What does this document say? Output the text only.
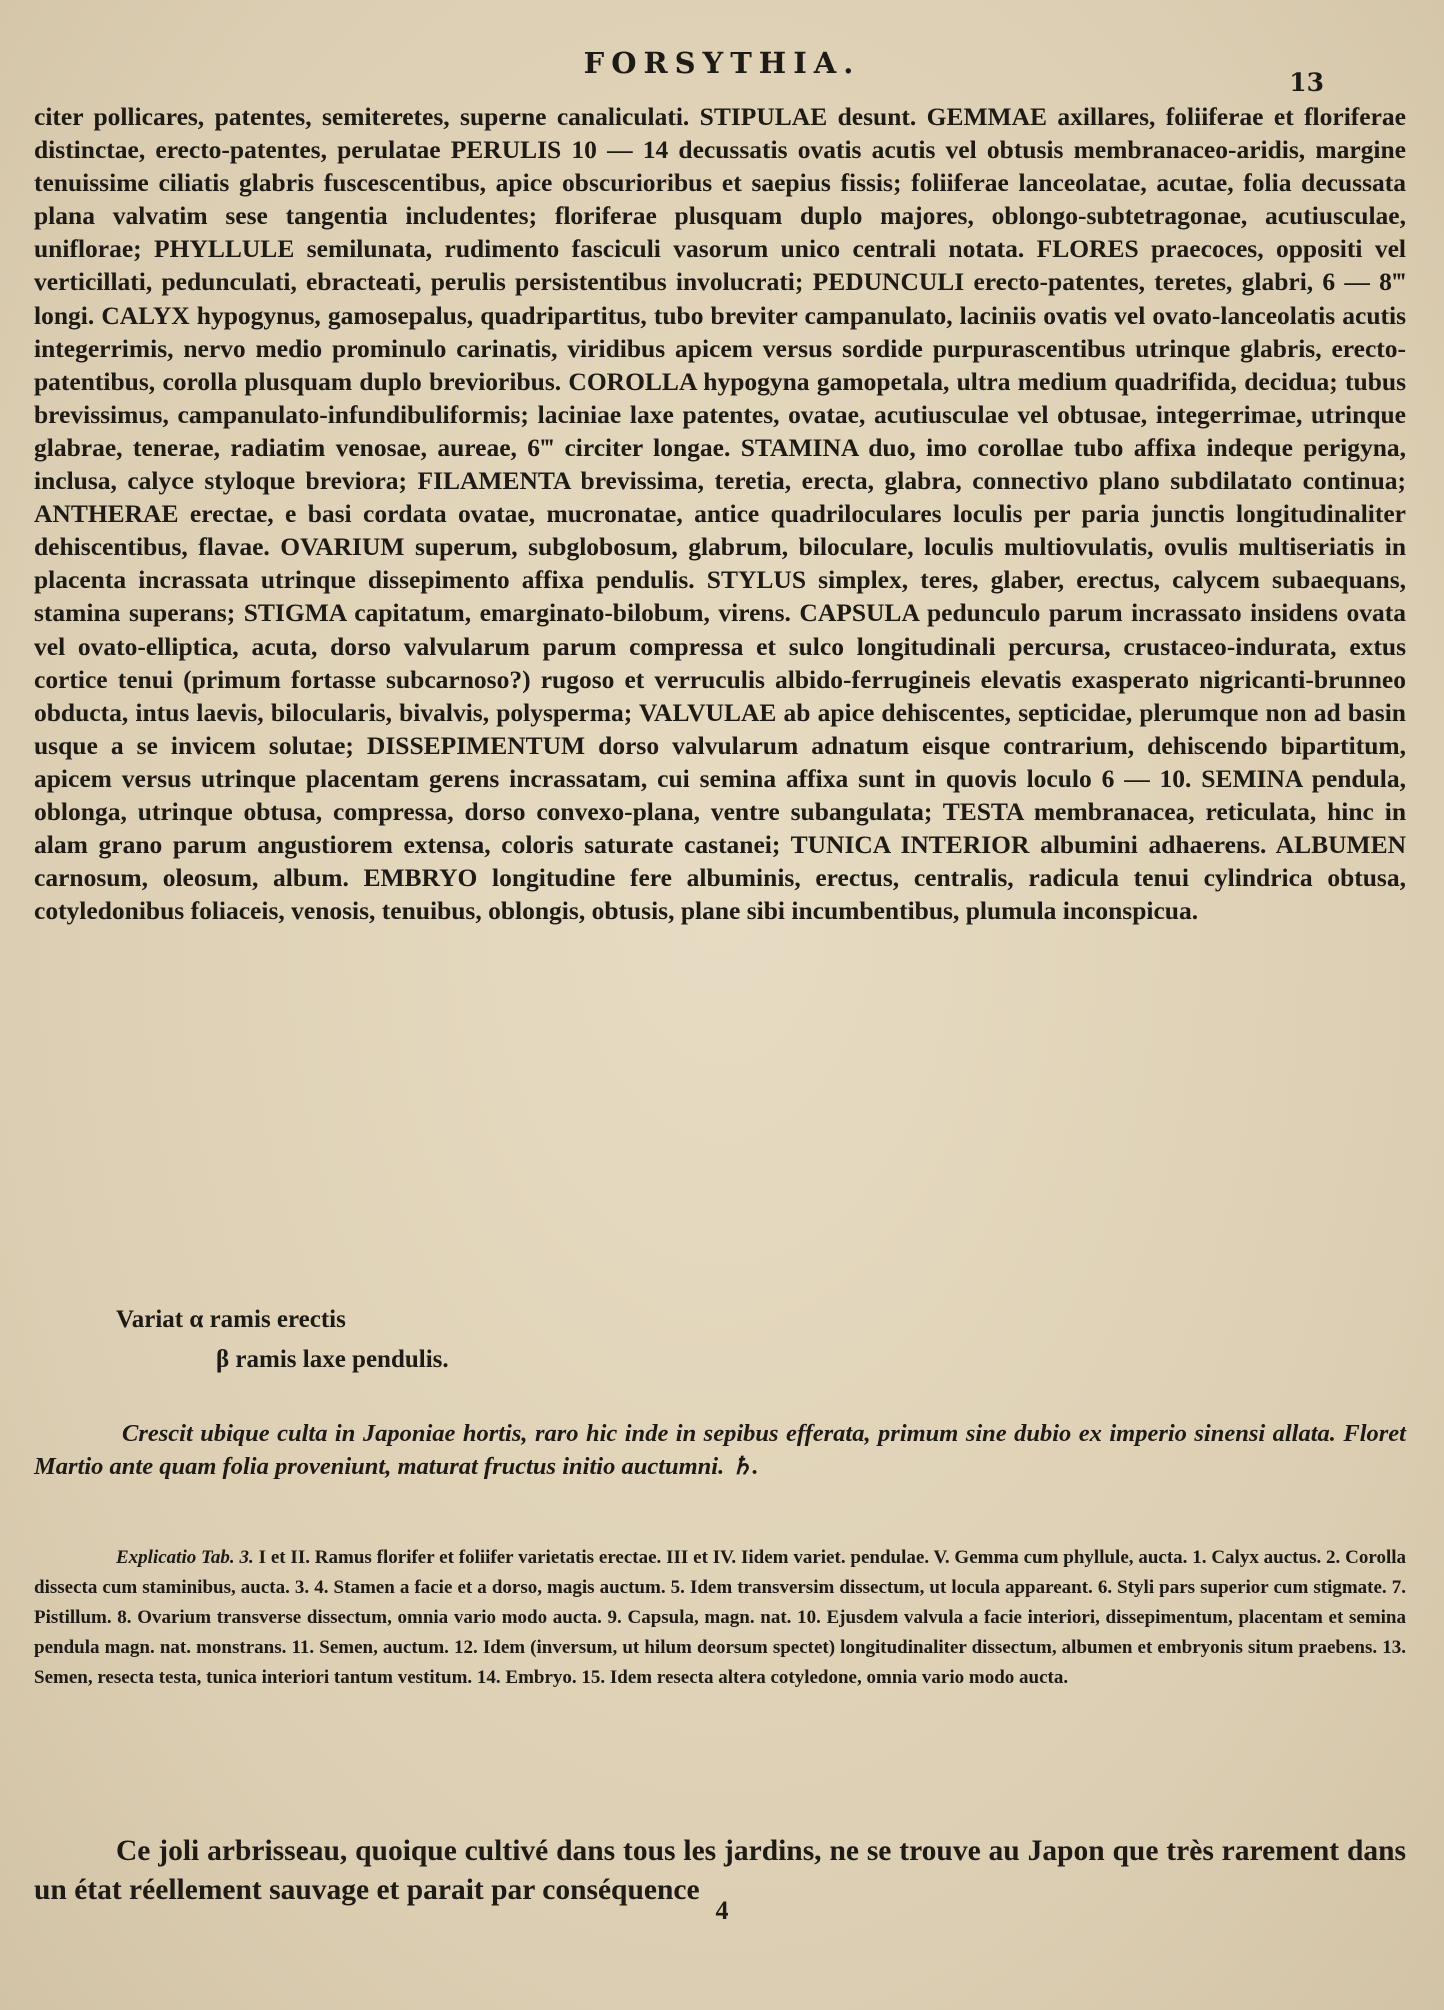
FORSYTHIA.
13

citer pollicares, patentes, semiteretes, superne canaliculati. STIPULAE desunt. GEMMAE axillares, foliiferae et floriferae distinctae, erecto-patentes, perulatae PERULIS 10 — 14 decussatis ovatis acutis vel obtusis membranaceo-aridis, margine tenuissime ciliatis glabris fuscescentibus, apice obscurioribus et saepius fissis; foliiferae lanceolatae, acutae, folia decussata plana valvatim sese tangentia includentes; floriferae plusquam duplo majores, oblongo-subtetragonae, acutiusculae, uniflorae; PHYLLULE semilunata, rudimento fasciculi vasorum unico centrali notata. FLORES praecoces, oppositi vel verticillati, pedunculati, ebracteati, perulis persistentibus involucrati; PEDUNCULI erecto-patentes, teretes, glabri, 6 — 8‴ longi. CALYX hypogynus, gamosepalus, quadripartitus, tubo breviter campanulato, laciniis ovatis vel ovato-lanceolatis acutis integerrimis, nervo medio prominulo carinatis, viridibus apicem versus sordide purpurascentibus utrinque glabris, erecto-patentibus, corolla plusquam duplo brevioribus. COROLLA hypogyna gamopetala, ultra medium quadrifida, decidua; tubus brevissimus, campanulato-infundibuliformis; laciniae laxe patentes, ovatae, acutiusculae vel obtusae, integerrimae, utrinque glabrae, tenerae, radiatim venosae, aureae, 6‴ circiter longae. STAMINA duo, imo corollae tubo affixa indeque perigyna, inclusa, calyce styloque breviora; FILAMENTA brevissima, teretia, erecta, glabra, connectivo plano subdilatato continua; ANTHERAE erectae, e basi cordata ovatae, mucronatae, antice quadriloculares loculis per paria junctis longitudinaliter dehiscentibus, flavae. OVARIUM superum, subglobosum, glabrum, biloculare, loculis multiovulatis, ovulis multiseriatis in placenta incrassata utrinque dissepimento affixa pendulis. STYLUS simplex, teres, glaber, erectus, calycem subaequans, stamina superans; STIGMA capitatum, emarginato-bilobum, virens. CAPSULA pedunculo parum incrassato insidens ovata vel ovato-elliptica, acuta, dorso valvularum parum compressa et sulco longitudinali percursa, crustaceo-indurata, extus cortice tenui (primum fortasse subcarnoso?) rugoso et verruculis albido-ferrugineis elevatis exasperato nigricanti-brunneo obducta, intus laevis, bilocularis, bivalvis, polysperma; VALVULAE ab apice dehiscentes, septicidae, plerumque non ad basin usque a se invicem solutae; DISSEPIMENTUM dorso valvularum adnatum eisque contrarium, dehiscendo bipartitum, apicem versus utrinque placentam gerens incrassatam, cui semina affixa sunt in quovis loculo 6 — 10. SEMINA pendula, oblonga, utrinque obtusa, compressa, dorso convexo-plana, ventre subangulata; TESTA membranacea, reticulata, hinc in alam grano parum angustiorem extensa, coloris saturate castanei; TUNICA INTERIOR albumini adhaerens. ALBUMEN carnosum, oleosum, album. EMBRYO longitudine fere albuminis, erectus, centralis, radicula tenui cylindrica obtusa, cotyledonibus foliaceis, venosis, tenuibus, oblongis, obtusis, plane sibi incumbentibus, plumula inconspicua.

Variat α ramis erectis
β ramis laxe pendulis.

Crescit ubique culta in Japoniae hortis, raro hic inde in sepibus efferata, primum sine dubio ex imperio sinensi allata. Floret Martio ante quam folia proveniunt, maturat fructus initio auctumni. ♄.

Explicatio Tab. 3. I et II. Ramus florifer et foliifer varietatis erectae. III et IV. Iidem variet. pendulae. V. Gemma cum phyllule, aucta. 1. Calyx auctus. 2. Corolla dissecta cum staminibus, aucta. 3. 4. Stamen a facie et a dorso, magis auctum. 5. Idem transversim dissectum, ut locula appareant. 6. Styli pars superior cum stigmate. 7. Pistillum. 8. Ovarium transverse dissectum, omnia vario modo aucta. 9. Capsula, magn. nat. 10. Ejusdem valvula a facie interiori, dissepimentum, placentam et semina pendula magn. nat. monstrans. 11. Semen, auctum. 12. Idem (inversum, ut hilum deorsum spectet) longitudinaliter dissectum, albumen et embryonis situm praebens. 13. Semen, resecta testa, tunica interiori tantum vestitum. 14. Embryo. 15. Idem resecta altera cotyledone, omnia vario modo aucta.

Ce joli arbrisseau, quoique cultivé dans tous les jardins, ne se trouve au Japon que très rarement dans un état réellement sauvage et parait par conséquence

4
